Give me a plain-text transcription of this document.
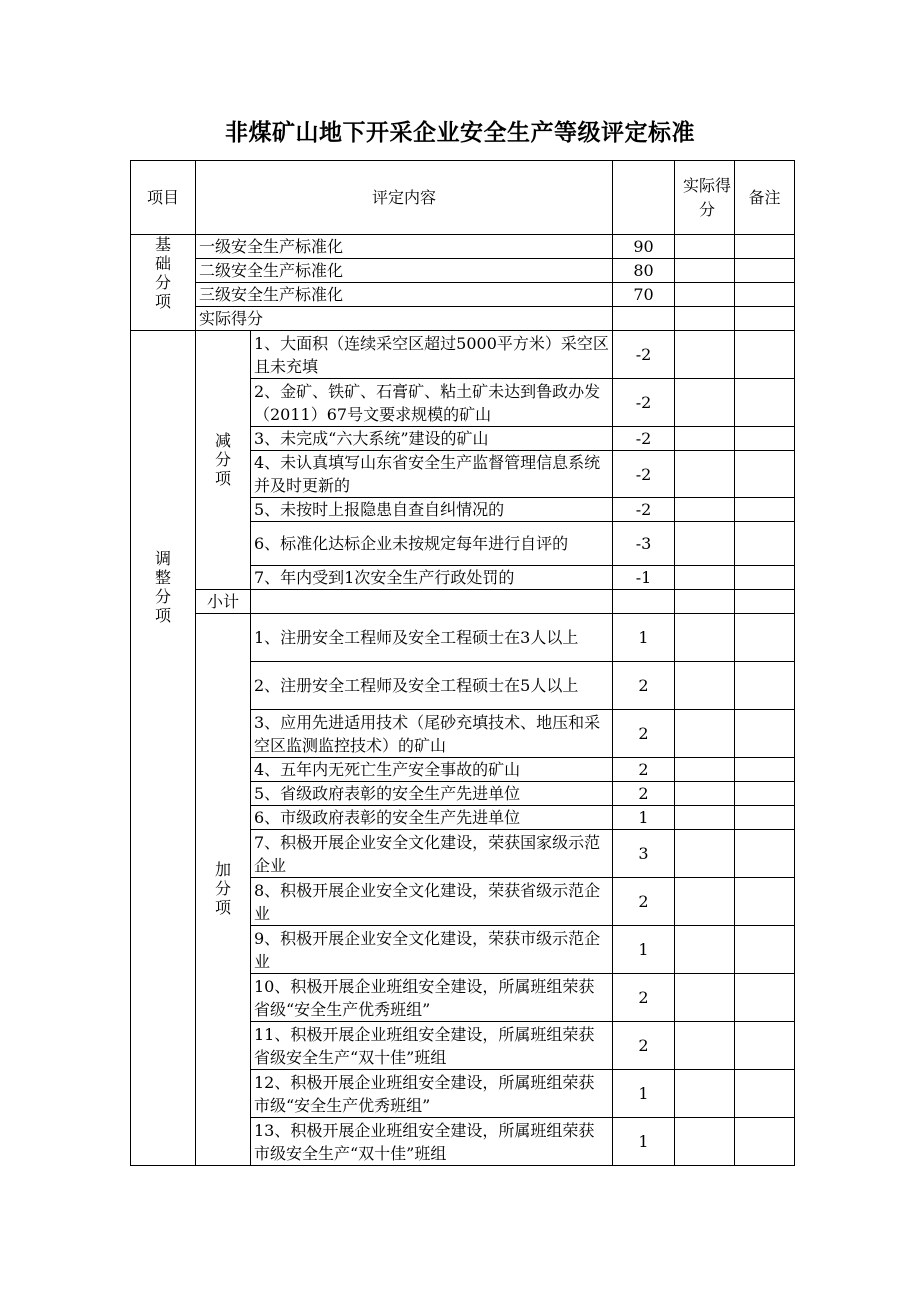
非煤矿山地下开采企业安全生产等级评定标准
项目	评定内容			实际得分	备注
基础分项	一级安全生产标准化		90		
	二级安全生产标准化		80		
	三级安全生产标准化		70		
	实际得分				
调整分项	减分项	1、大面积（连续采空区超过5000平方米）采空区且未充填	-2		
		2、金矿、铁矿、石膏矿、粘土矿未达到鲁政办发（2011）67号文要求规模的矿山	-2		
		3、未完成“六大系统”建设的矿山	-2		
		4、未认真填写山东省安全生产监督管理信息系统并及时更新的	-2		
		5、未按时上报隐患自查自纠情况的	-2		
		6、标准化达标企业未按规定每年进行自评的	-3		
		7、年内受到1次安全生产行政处罚的	-1		
	小计				
	加分项	1、注册安全工程师及安全工程硕士在3人以上	1		
		2、注册安全工程师及安全工程硕士在5人以上	2		
		3、应用先进适用技术（尾砂充填技术、地压和采空区监测监控技术）的矿山	2		
		4、五年内无死亡生产安全事故的矿山	2		
		5、省级政府表彰的安全生产先进单位	2		
		6、市级政府表彰的安全生产先进单位	1		
		7、积极开展企业安全文化建设，荣获国家级示范企业	3		
		8、积极开展企业安全文化建设，荣获省级示范企业	2		
		9、积极开展企业安全文化建设，荣获市级示范企业	1		
		10、积极开展企业班组安全建设，所属班组荣获省级“安全生产优秀班组”	2		
		11、积极开展企业班组安全建设，所属班组荣获省级安全生产“双十佳”班组	2		
		12、积极开展企业班组安全建设，所属班组荣获市级“安全生产优秀班组”	1		
		13、积极开展企业班组安全建设，所属班组荣获市级安全生产“双十佳”班组	1		
